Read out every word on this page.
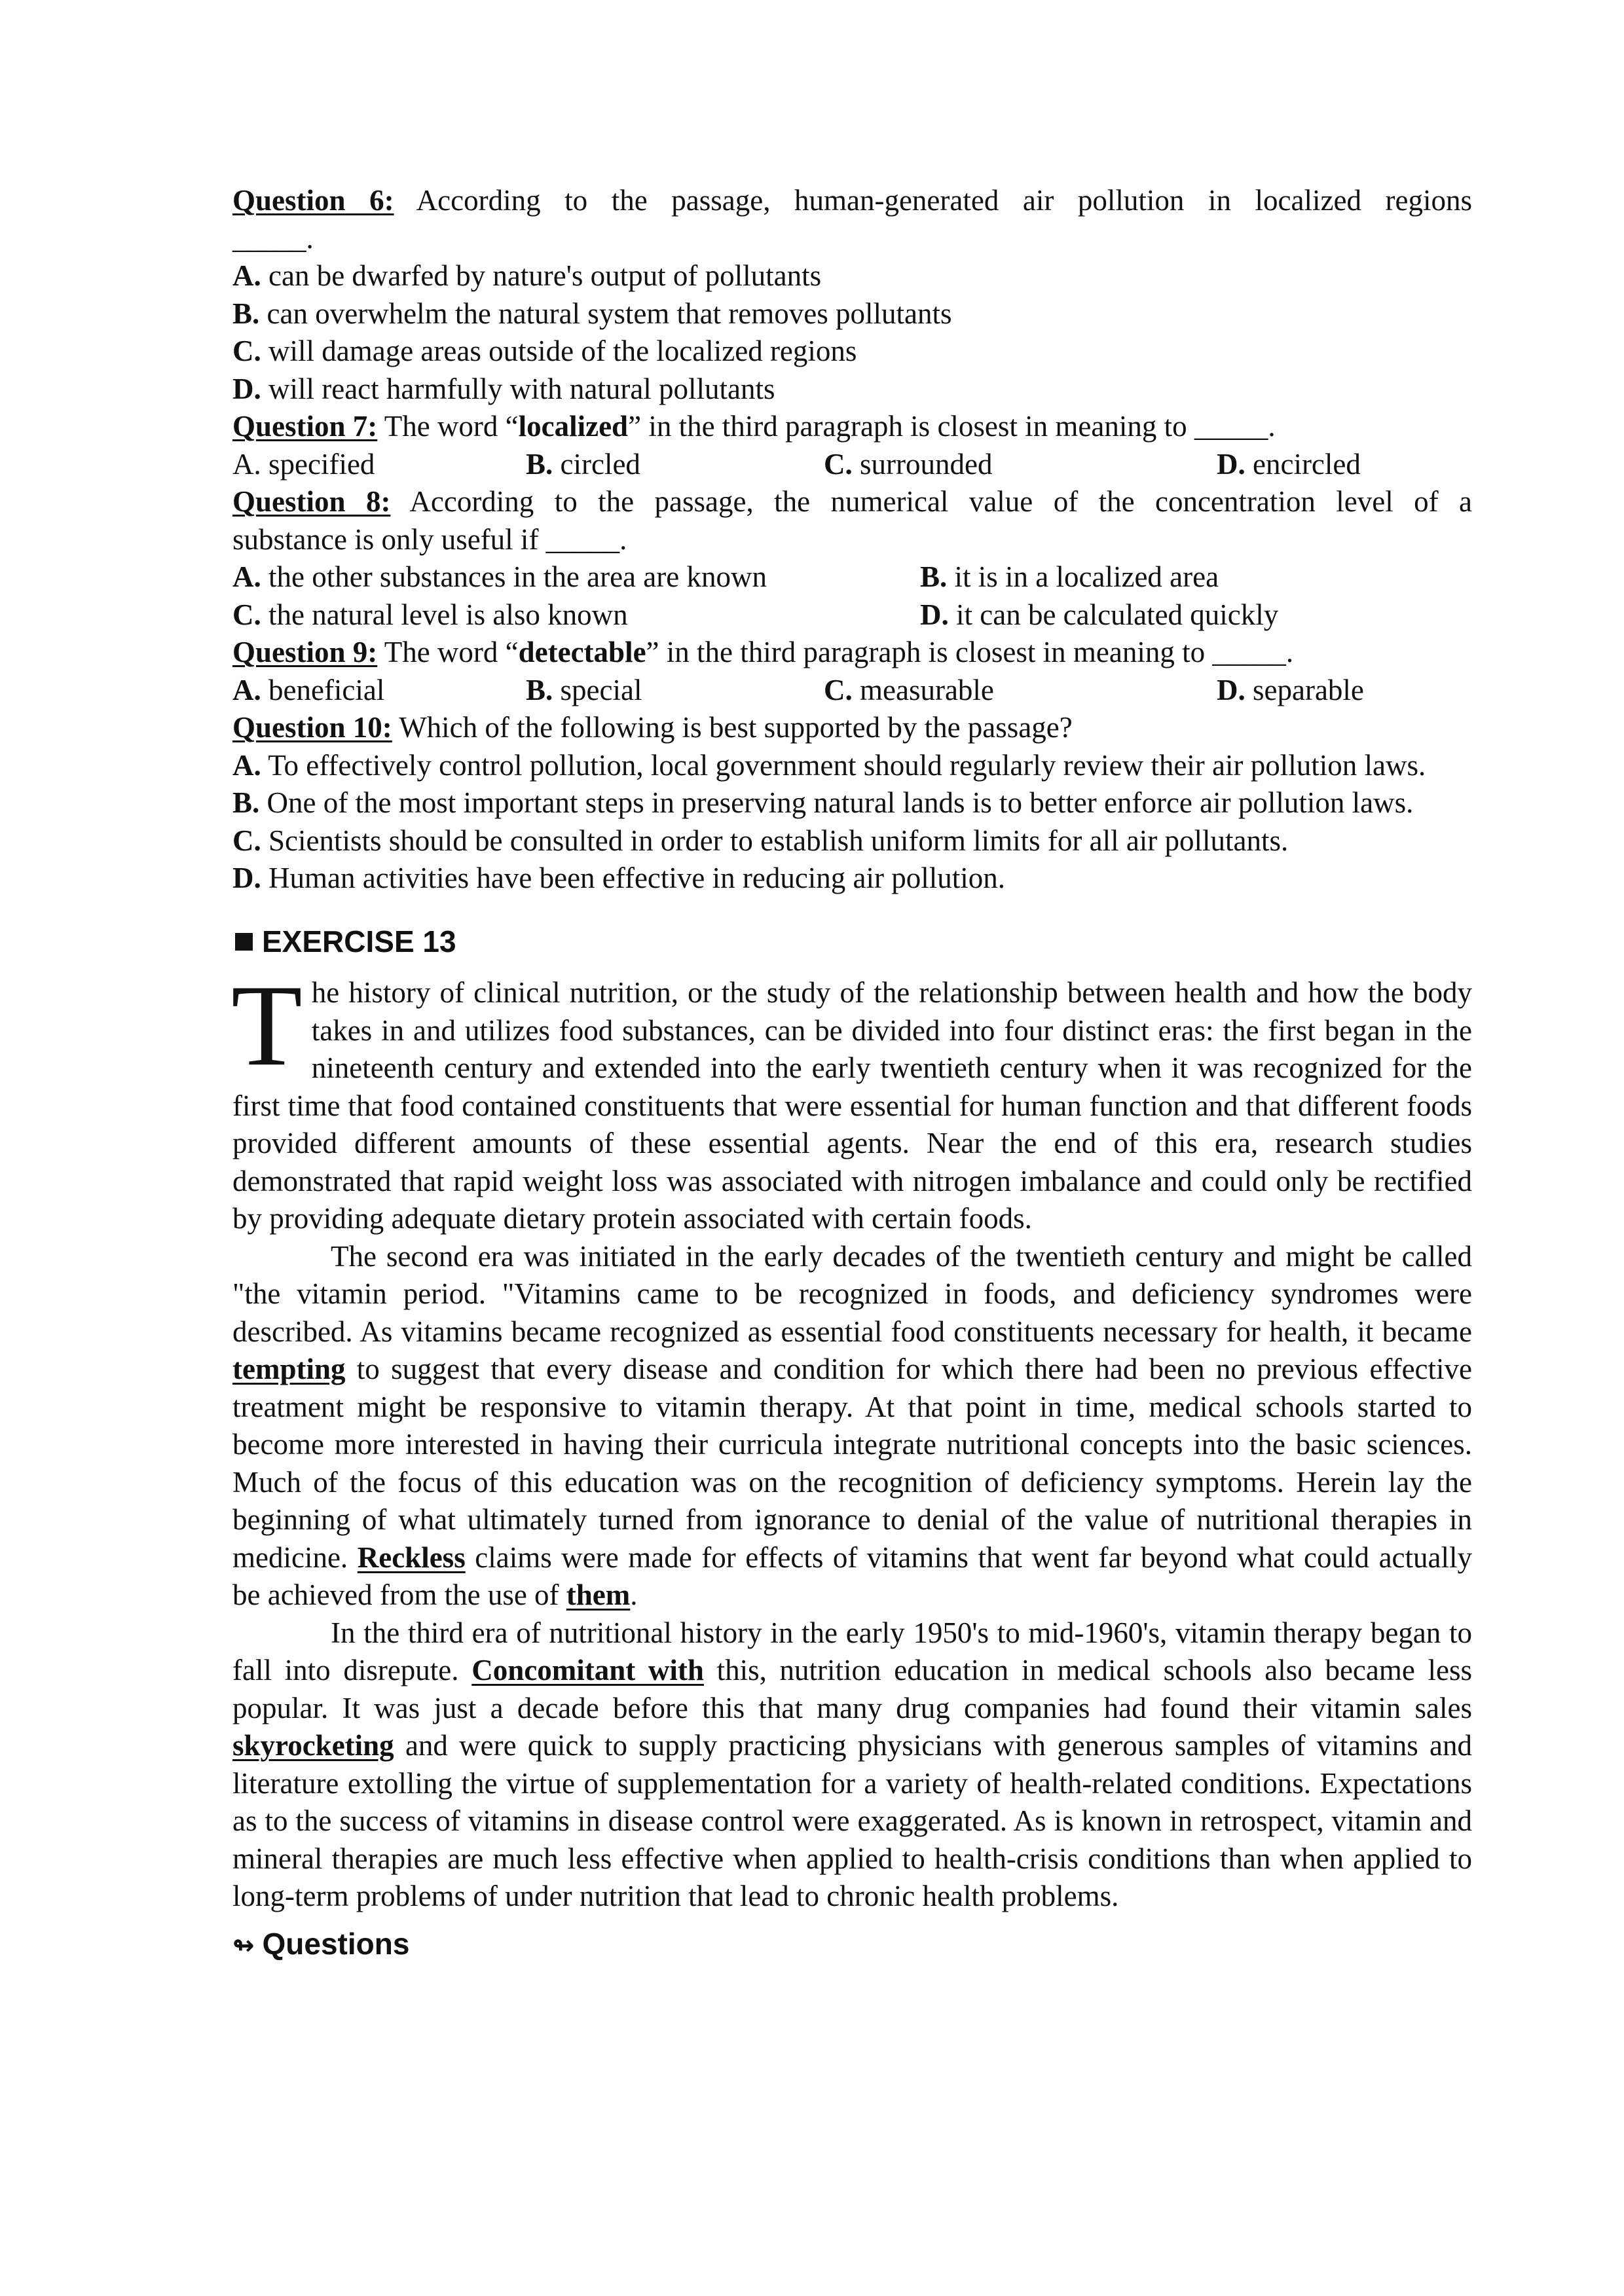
Question 6: According to the passage, human-generated air pollution in localized regions
_____.
A. can be dwarfed by nature's output of pollutants
B. can overwhelm the natural system that removes pollutants
C. will damage areas outside of the localized regions
D. will react harmfully with natural pollutants
Question 7: The word “localized” in the third paragraph is closest in meaning to _____.
A. specified	B. circled	C. surrounded	D. encircled
Question 8: According to the passage, the numerical value of the concentration level of a
substance is only useful if _____.
A. the other substances in the area are known	B. it is in a localized area
C. the natural level is also known	D. it can be calculated quickly
Question 9: The word “detectable” in the third paragraph is closest in meaning to _____.
A. beneficial	B. special	C. measurable	D. separable
Question 10: Which of the following is best supported by the passage?
A. To effectively control pollution, local government should regularly review their air pollution laws.
B. One of the most important steps in preserving natural lands is to better enforce air pollution laws.
C. Scientists should be consulted in order to establish uniform limits for all air pollutants.
D. Human activities have been effective in reducing air pollution.
EXERCISE 13

The history of clinical nutrition, or the study of the relationship between health and how the body takes in and utilizes food substances, can be divided into four distinct eras: the first began in the nineteenth century and extended into the early twentieth century when it was recognized for the first time that food contained constituents that were essential for human function and that different foods provided different amounts of these essential agents. Near the end of this era, research studies demonstrated that rapid weight loss was associated with nitrogen imbalance and could only be rectified by providing adequate dietary protein associated with certain foods.

The second era was initiated in the early decades of the twentieth century and might be called "the vitamin period. "Vitamins came to be recognized in foods, and deficiency syndromes were described. As vitamins became recognized as essential food constituents necessary for health, it became tempting to suggest that every disease and condition for which there had been no previous effective treatment might be responsive to vitamin therapy. At that point in time, medical schools started to become more interested in having their curricula integrate nutritional concepts into the basic sciences. Much of the focus of this education was on the recognition of deficiency symptoms. Herein lay the beginning of what ultimately turned from ignorance to denial of the value of nutritional therapies in medicine. Reckless claims were made for effects of vitamins that went far beyond what could actually be achieved from the use of them.

In the third era of nutritional history in the early 1950's to mid-1960's, vitamin therapy began to fall into disrepute. Concomitant with this, nutrition education in medical schools also became less popular. It was just a decade before this that many drug companies had found their vitamin sales skyrocketing and were quick to supply practicing physicians with generous samples of vitamins and literature extolling the virtue of supplementation for a variety of health-related conditions. Expectations as to the success of vitamins in disease control were exaggerated. As is known in retrospect, vitamin and mineral therapies are much less effective when applied to health-crisis conditions than when applied to long-term problems of under nutrition that lead to chronic health problems.

↬ Questions
